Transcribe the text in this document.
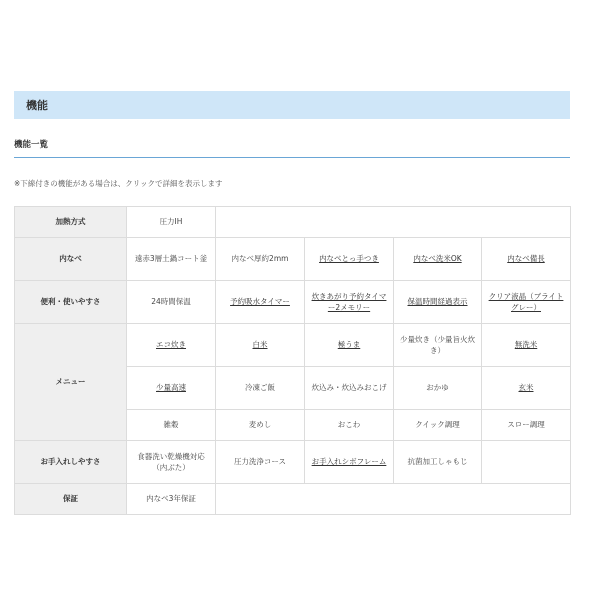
機能
機能一覧
※下線付きの機能がある場合は、クリックで詳細を表示します
加熱方式	圧力IH				
内なべ	遠赤3層土鍋コート釜	内なべ厚約2mm	内なべとっ手つき	内なべ洗米OK	内なべ備長
便利・使いやすさ	24時間保温	予約吸水タイマー	炊きあがり予約タイマー2メモリー	保温時間経過表示	クリア液晶（ブライトグレー）
メニュー	エコ炊き	白米	極うま	少量炊き（少量旨火炊き）	無洗米
	少量高速	冷凍ご飯	炊込み・炊込みおこげ	おかゆ	玄米
	雑穀	麦めし	おこわ	クイック調理	スロー調理
お手入れしやすさ	食器洗い乾燥機対応（内ぶた）	圧力洗浄コース	お手入れシボフレーム	抗菌加工しゃもじ	
保証	内なべ3年保証				
